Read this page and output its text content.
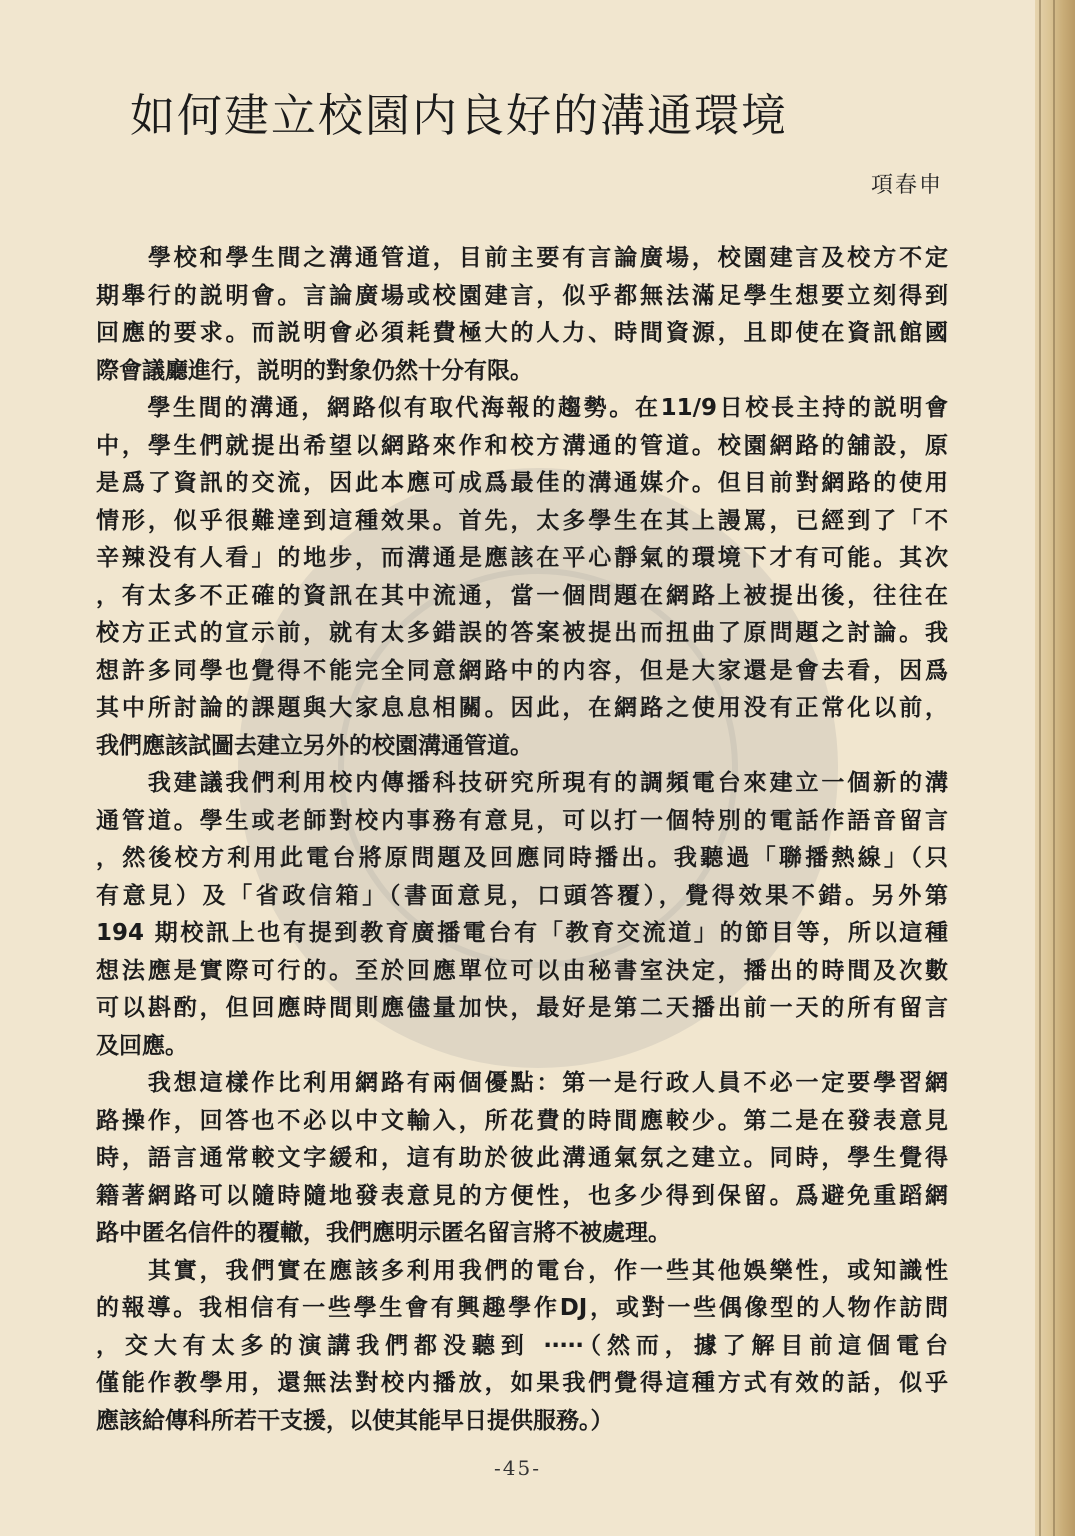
如何建立校園内良好的溝通環境
項春申
　　學校和學生間之溝通管道，目前主要有言論廣場，校園建言及校方不定
期舉行的説明會。言論廣場或校園建言，似乎都無法滿足學生想要立刻得到
回應的要求。而説明會必須耗費極大的人力、時間資源，且即使在資訊館國
際會議廳進行，説明的對象仍然十分有限。
　　學生間的溝通，網路似有取代海報的趨勢。在11/9日校長主持的説明會
中，學生們就提出希望以網路來作和校方溝通的管道。校園網路的舖設，原
是爲了資訊的交流，因此本應可成爲最佳的溝通媒介。但目前對網路的使用
情形，似乎很難達到這種效果。首先，太多學生在其上謾罵，已經到了「不
辛辣没有人看」的地步，而溝通是應該在平心靜氣的環境下才有可能。其次
，有太多不正確的資訊在其中流通，當一個問題在網路上被提出後，往往在
校方正式的宣示前，就有太多錯誤的答案被提出而扭曲了原問題之討論。我
想許多同學也覺得不能完全同意網路中的内容，但是大家還是會去看，因爲
其中所討論的課題與大家息息相關。因此，在網路之使用没有正常化以前，
我們應該試圖去建立另外的校園溝通管道。
　　我建議我們利用校内傳播科技研究所現有的調頻電台來建立一個新的溝
通管道。學生或老師對校内事務有意見，可以打一個特別的電話作語音留言
，然後校方利用此電台將原問題及回應同時播出。我聽過「聯播熱線」（只
有意見）及「省政信箱」（書面意見，口頭答覆），覺得效果不錯。另外第
194 期校訊上也有提到教育廣播電台有「教育交流道」的節目等，所以這種
想法應是實際可行的。至於回應單位可以由秘書室決定，播出的時間及次數
可以斟酌，但回應時間則應儘量加快，最好是第二天播出前一天的所有留言
及回應。
　　我想這樣作比利用網路有兩個優點：第一是行政人員不必一定要學習網
路操作，回答也不必以中文輸入，所花費的時間應較少。第二是在發表意見
時，語言通常較文字緩和，這有助於彼此溝通氣氛之建立。同時，學生覺得
籍著網路可以隨時隨地發表意見的方便性，也多少得到保留。爲避免重蹈網
路中匿名信件的覆轍，我們應明示匿名留言將不被處理。
　　其實，我們實在應該多利用我們的電台，作一些其他娛樂性，或知識性
的報導。我相信有一些學生會有興趣學作DJ，或對一些偶像型的人物作訪問
，交大有太多的演講我們都没聽到 ‧‧‧‧‧（然而，據了解目前這個電台
僅能作教學用，還無法對校内播放，如果我們覺得這種方式有效的話，似乎
應該給傳科所若干支援，以使其能早日提供服務。）
-45-
